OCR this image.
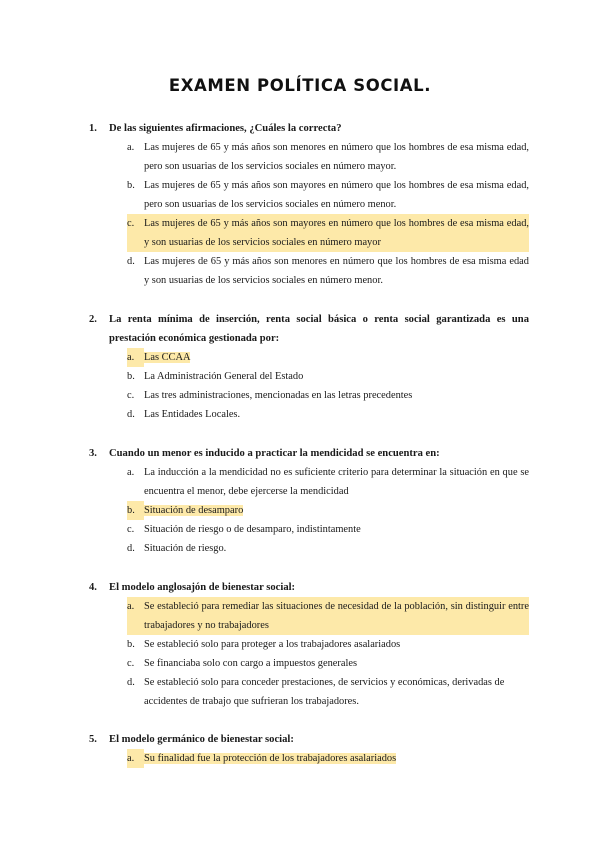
EXAMEN POLÍTICA SOCIAL.
1.	De las siguientes afirmaciones, ¿Cuáles la correcta?
a. Las mujeres de 65 y más años son menores en número que los hombres de esa misma edad, pero son usuarias de los servicios sociales en número mayor.
b. Las mujeres de 65 y más años son mayores en número que los hombres de esa misma edad, pero son usuarias de los servicios sociales en número menor.
c. Las mujeres de 65 y más años son mayores en número que los hombres de esa misma edad, y son usuarias de los servicios sociales en número mayor
d. Las mujeres de 65 y más años son menores en número que los hombres de esa misma edad y son usuarias de los servicios sociales en número menor.
2.	La renta mínima de inserción, renta social básica o renta social garantizada es una prestación económica gestionada por:
a. Las CCAA
b. La Administración General del Estado
c. Las tres administraciones, mencionadas en las letras precedentes
d. Las Entidades Locales.
3.	Cuando un menor es inducido a practicar la mendicidad se encuentra en:
a. La inducción a la mendicidad no es suficiente criterio para determinar la situación en que se encuentra el menor, debe ejercerse la mendicidad
b. Situación de desamparo
c. Situación de riesgo o de desamparo, indistintamente
d. Situación de riesgo.
4.	El modelo anglosajón de bienestar social:
a. Se estableció para remediar las situaciones de necesidad de la población, sin distinguir entre trabajadores y no trabajadores
b. Se estableció solo para proteger a los trabajadores asalariados
c. Se financiaba solo con cargo a impuestos generales
d. Se estableció solo para conceder prestaciones, de servicios y económicas, derivadas de accidentes de trabajo que sufrieran los trabajadores.
5.	El modelo germánico de bienestar social:
a. Su finalidad fue la protección de los trabajadores asalariados
